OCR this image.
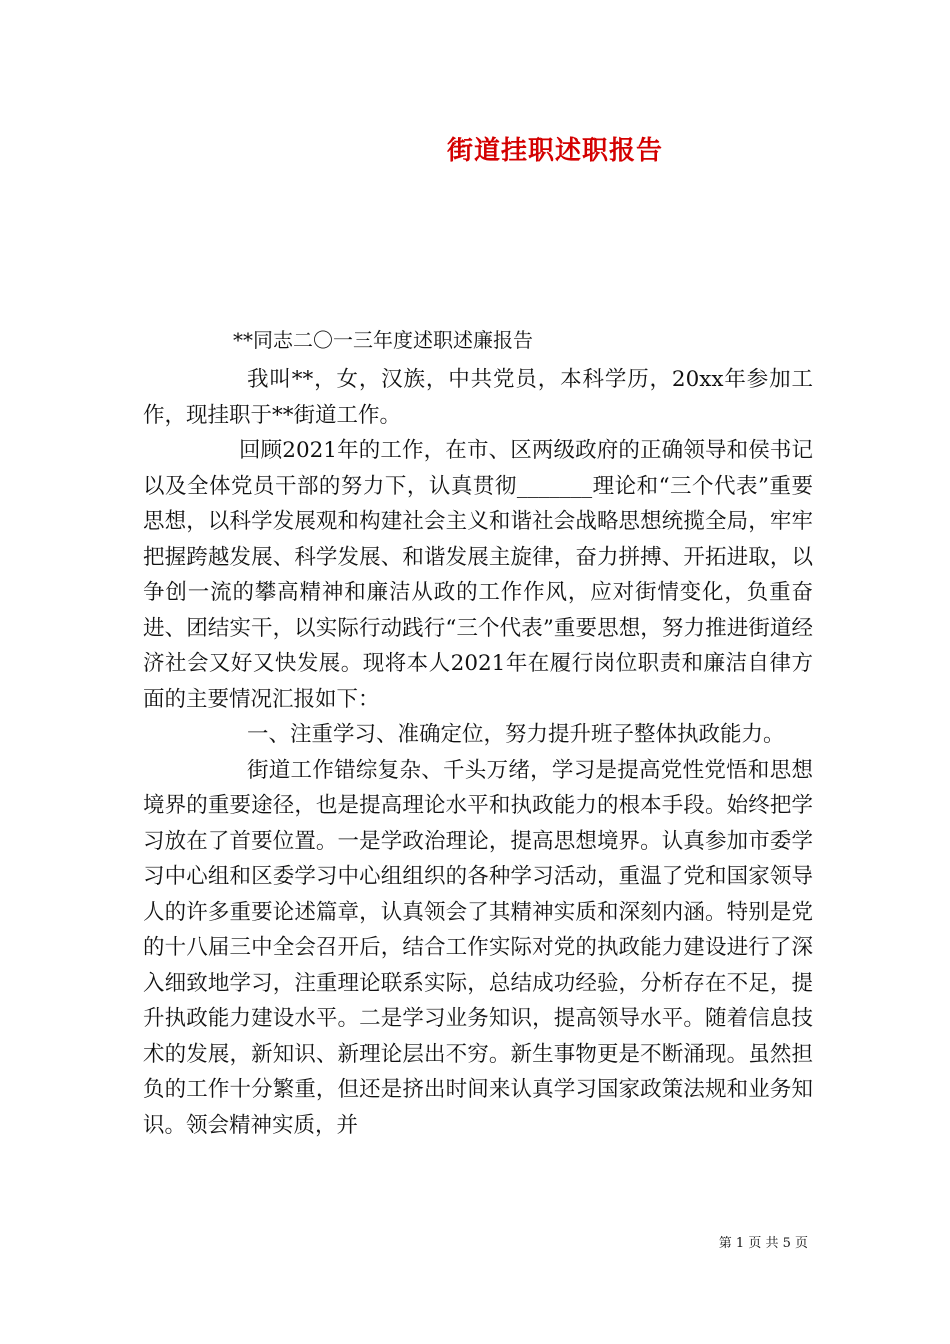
街道挂职述职报告
**同志二〇一三年度述职述廉报告

我叫**，女，汉族，中共党员，本科学历，20xx年参加工作，现挂职于**街道工作。

回顾2021年的工作，在市、区两级政府的正确领导和侯书记以及全体党员干部的努力下，认真贯彻_______理论和“三个代表”重要思想，以科学发展观和构建社会主义和谐社会战略思想统揽全局，牢牢把握跨越发展、科学发展、和谐发展主旋律，奋力拼搏、开拓进取，以争创一流的攀高精神和廉洁从政的工作作风，应对街情变化，负重奋进、团结实干，以实际行动践行“三个代表”重要思想，努力推进街道经济社会又好又快发展。现将本人2021年在履行岗位职责和廉洁自律方面的主要情况汇报如下：

一、注重学习、准确定位，努力提升班子整体执政能力。

街道工作错综复杂、千头万绪，学习是提高党性党悟和思想境界的重要途径，也是提高理论水平和执政能力的根本手段。始终把学习放在了首要位置。一是学政治理论，提高思想境界。认真参加市委学习中心组和区委学习中心组组织的各种学习活动，重温了党和国家领导人的许多重要论述篇章，认真领会了其精神实质和深刻内涵。特别是党的十八届三中全会召开后，结合工作实际对党的执政能力建设进行了深入细致地学习，注重理论联系实际，总结成功经验，分析存在不足，提升执政能力建设水平。二是学习业务知识，提高领导水平。随着信息技术的发展，新知识、新理论层出不穷。新生事物更是不断涌现。虽然担负的工作十分繁重，但还是挤出时间来认真学习国家政策法规和业务知识。领会精神实质，并

第 1 页 共 5 页
